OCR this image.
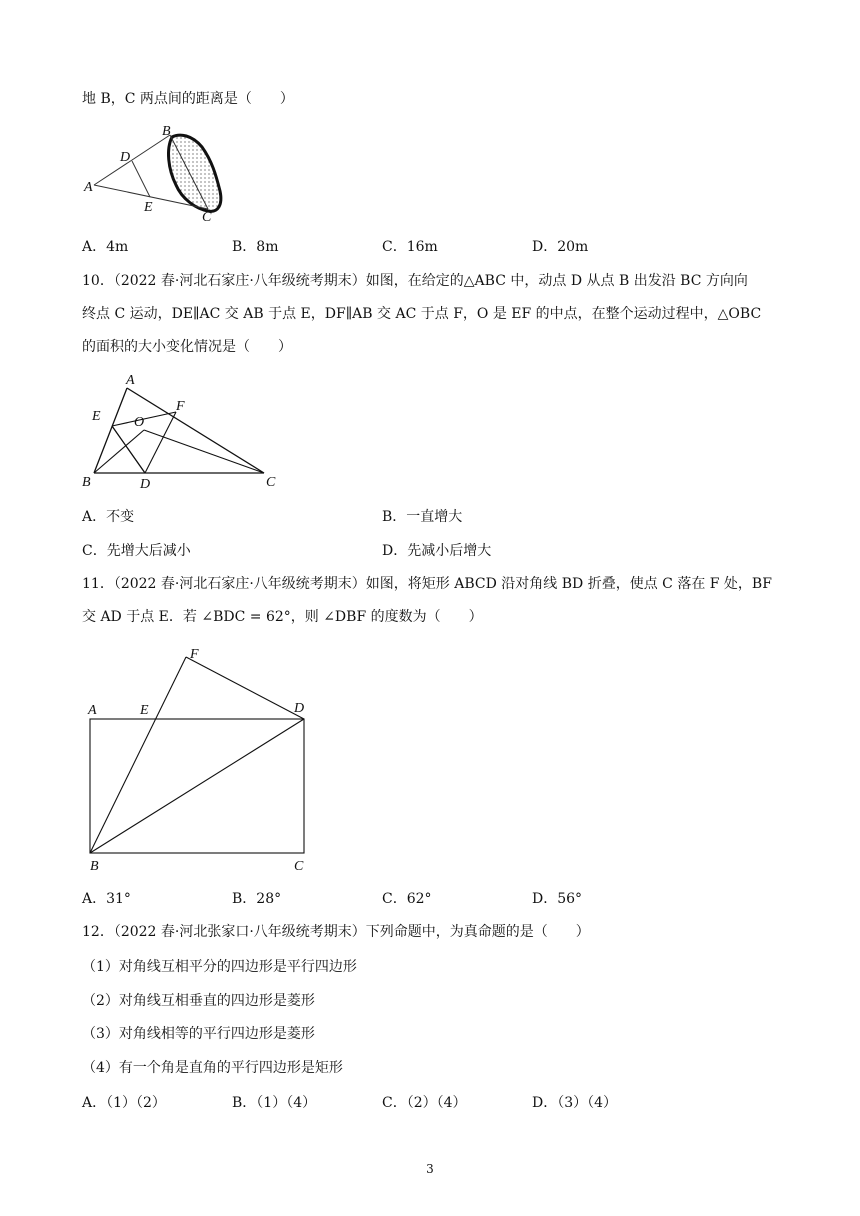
地 B，C 两点间的距离是（　　）
A
B
C
D
E
A．4m	B．8m	C．16m	D．20m
10．（2022 春·河北石家庄·八年级统考期末）如图，在给定的△ABC 中，动点 D 从点 B 出发沿 BC 方向向
终点 C 运动，DE∥AC 交 AB 于点 E，DF∥AB 交 AC 于点 F，O 是 EF 的中点，在整个运动过程中，△OBC
的面积的大小变化情况是（　　）
A
F
O
E
B	D	C
A．不变	B．一直增大
C．先增大后减小	D．先减小后增大
11．（2022 春·河北石家庄·八年级统考期末）如图，将矩形 ABCD 沿对角线 BD 折叠，使点 C 落在 F 处，BF
交 AD 于点 E．若 ∠BDC = 62°，则 ∠DBF 的度数为（　　）
F
A	E	D
B	C
A．31°	B．28°	C．62°	D．56°
12．（2022 春·河北张家口·八年级统考期末）下列命题中，为真命题的是（　　）
（1）对角线互相平分的四边形是平行四边形
（2）对角线互相垂直的四边形是菱形
（3）对角线相等的平行四边形是菱形
（4）有一个角是直角的平行四边形是矩形
A．（1）（2）	B．（1）（4）	C．（2）（4）	D．（3）（4）
3
